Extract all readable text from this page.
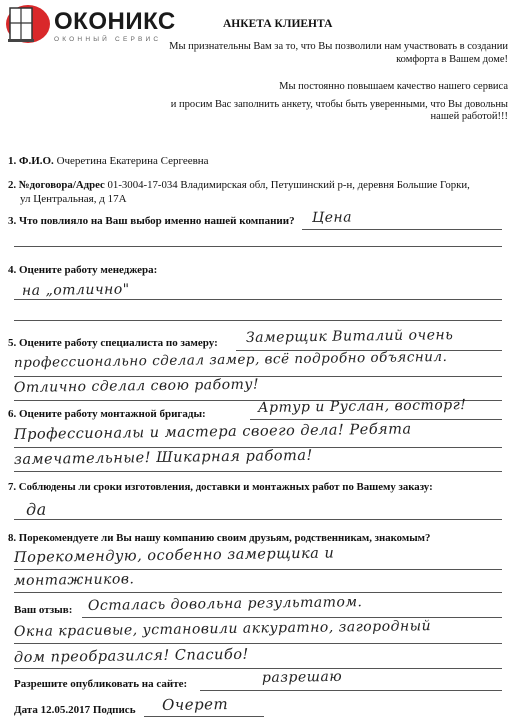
ОКОНИКС
ОКОННЫЙ СЕРВИС
АНКЕТА КЛИЕНТА
Мы признательны Вам за то, что Вы позволили нам участвовать в создании
комфорта в Вашем доме!
Мы постоянно повышаем качество нашего сервиса
и просим Вас заполнить анкету, чтобы быть уверенными, что Вы довольны
нашей работой!!!
1. Ф.И.О. Очеретина Екатерина Сергеевна
2. №договора/Адрес 01-3004-17-034 Владимирская обл, Петушинский р-н, деревня Большие Горки,
ул Центральная, д 17А
3. Что повлияло на Ваш выбор именно нашей компании? Цена
4. Оцените работу менеджера:
на „отлично"
5. Оцените работу специалиста по замеру: Замерщик Виталий очень
профессионально сделал замер, всё подробно объяснил.
Отлично сделал свою работу!
6. Оцените работу монтажной бригады:	Артур и Руслан, восторг!
Профессионалы и мастера своего дела! Ребята
замечательные! Шикарная работа!
7. Соблюдены ли сроки изготовления, доставки и монтажных работ по Вашему заказу:
да
8. Порекомендуете ли Вы нашу компанию своим друзьям, родственникам, знакомым?
Порекомендую, особенно замерщика и
монтажников.
Ваш отзыв: Осталась довольна результатом.
Окна красивые, установили аккуратно, загородный
дом преобразился! Спасибо!
Разрешите опубликовать на сайте:	разрешаю
Дата 12.05.2017 Подпись Очерет
